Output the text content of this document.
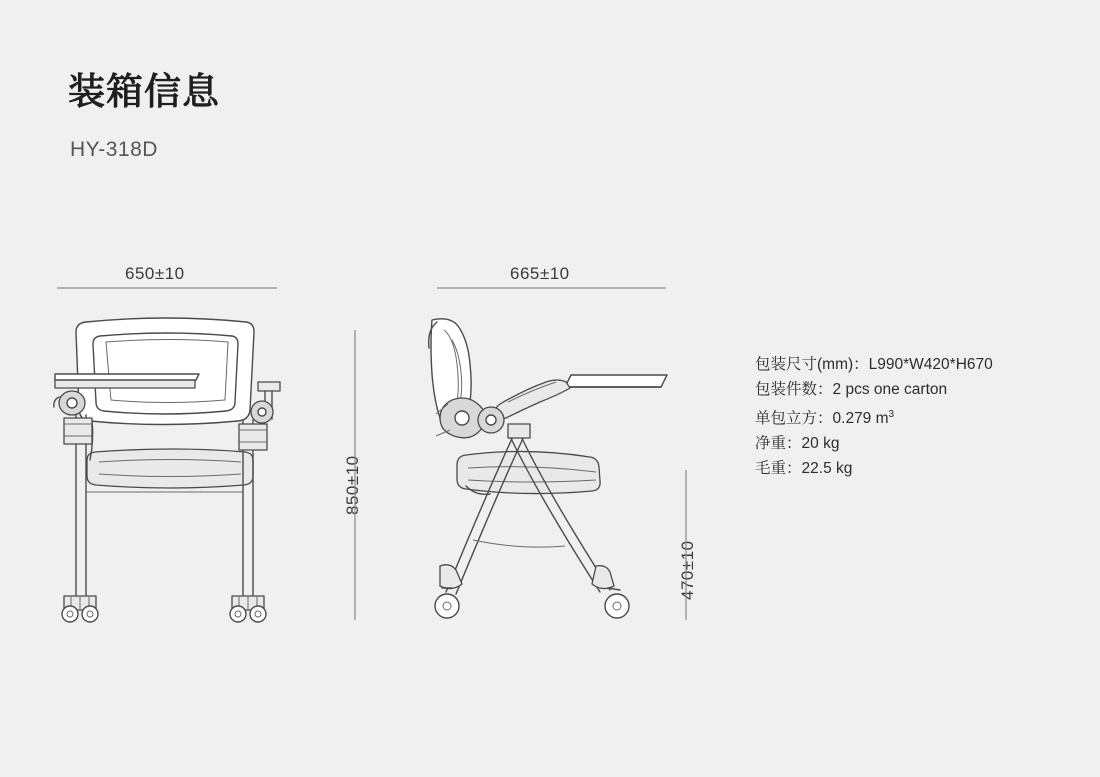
装箱信息
HY-318D
650±10	665±10
850±10
470±10
包装尺寸(mm)：L990*W420*H670
包装件数：2 pcs one carton
单包立方：0.279 $m^3$
净重：20 kg
毛重：22.5 kg
